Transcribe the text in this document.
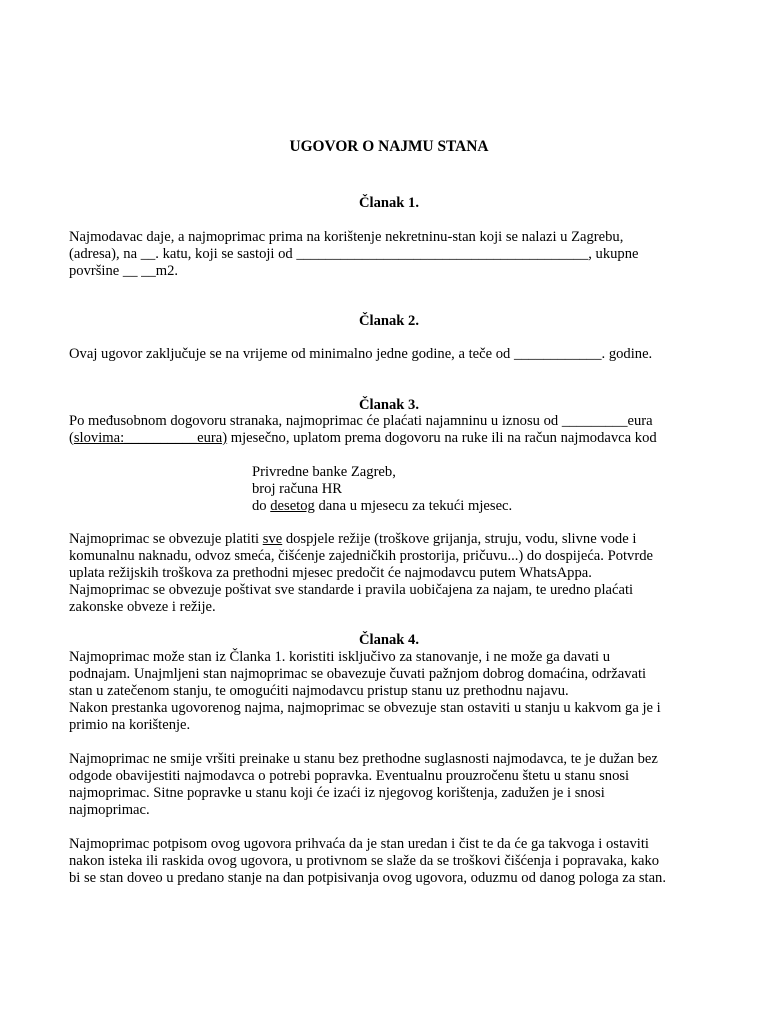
UGOVOR O NAJMU STANA
Članak 1.
Najmodavac daje, a najmoprimac prima na korištenje nekretninu-stan koji se nalazi u Zagrebu,
(adresa), na __. katu, koji se sastoji od ________________________________________, ukupne
površine __ __m2.
Članak 2.
Ovaj ugovor zaključuje se na vrijeme od minimalno jedne godine, a teče od ____________. godine.
Članak 3.
Po međusobnom dogovoru stranaka, najmoprimac će plaćati najamninu u iznosu od _________eura
(slovima:__________eura) mjesečno, uplatom prema dogovoru na ruke ili na račun najmodavca kod
Privredne banke Zagreb,
broj računa HR
do desetog dana u mjesecu za tekući mjesec.
Najmoprimac se obvezuje platiti sve dospjele režije (troškove grijanja, struju, vodu, slivne vode i
komunalnu naknadu, odvoz smeća, čišćenje zajedničkih prostorija, pričuvu...) do dospijeća. Potvrde
uplata režijskih troškova za prethodni mjesec predočit će najmodavcu putem WhatsAppa.
Najmoprimac se obvezuje poštivat sve standarde i pravila uobičajena za najam, te uredno plaćati
zakonske obveze i režije.
Članak 4.
Najmoprimac može stan iz Članka 1. koristiti isključivo za stanovanje, i ne može ga davati u
podnajam. Unajmljeni stan najmoprimac se obavezuje čuvati pažnjom dobrog domaćina, održavati
stan u zatečenom stanju, te omogućiti najmodavcu pristup stanu uz prethodnu najavu.
Nakon prestanka ugovorenog najma, najmoprimac se obvezuje stan ostaviti u stanju u kakvom ga je i
primio na korištenje.
Najmoprimac ne smije vršiti preinake u stanu bez prethodne suglasnosti najmodavca, te je dužan bez
odgode obavijestiti najmodavca o potrebi popravka. Eventualnu prouzročenu štetu u stanu snosi
najmoprimac. Sitne popravke u stanu koji će izaći iz njegovog korištenja, zadužen je i snosi
najmoprimac.
Najmoprimac potpisom ovog ugovora prihvaća da je stan uredan i čist te da će ga takvoga i ostaviti
nakon isteka ili raskida ovog ugovora, u protivnom se slaže da se troškovi čišćenja i popravaka, kako
bi se stan doveo u predano stanje na dan potpisivanja ovog ugovora, oduzmu od danog pologa za stan.
